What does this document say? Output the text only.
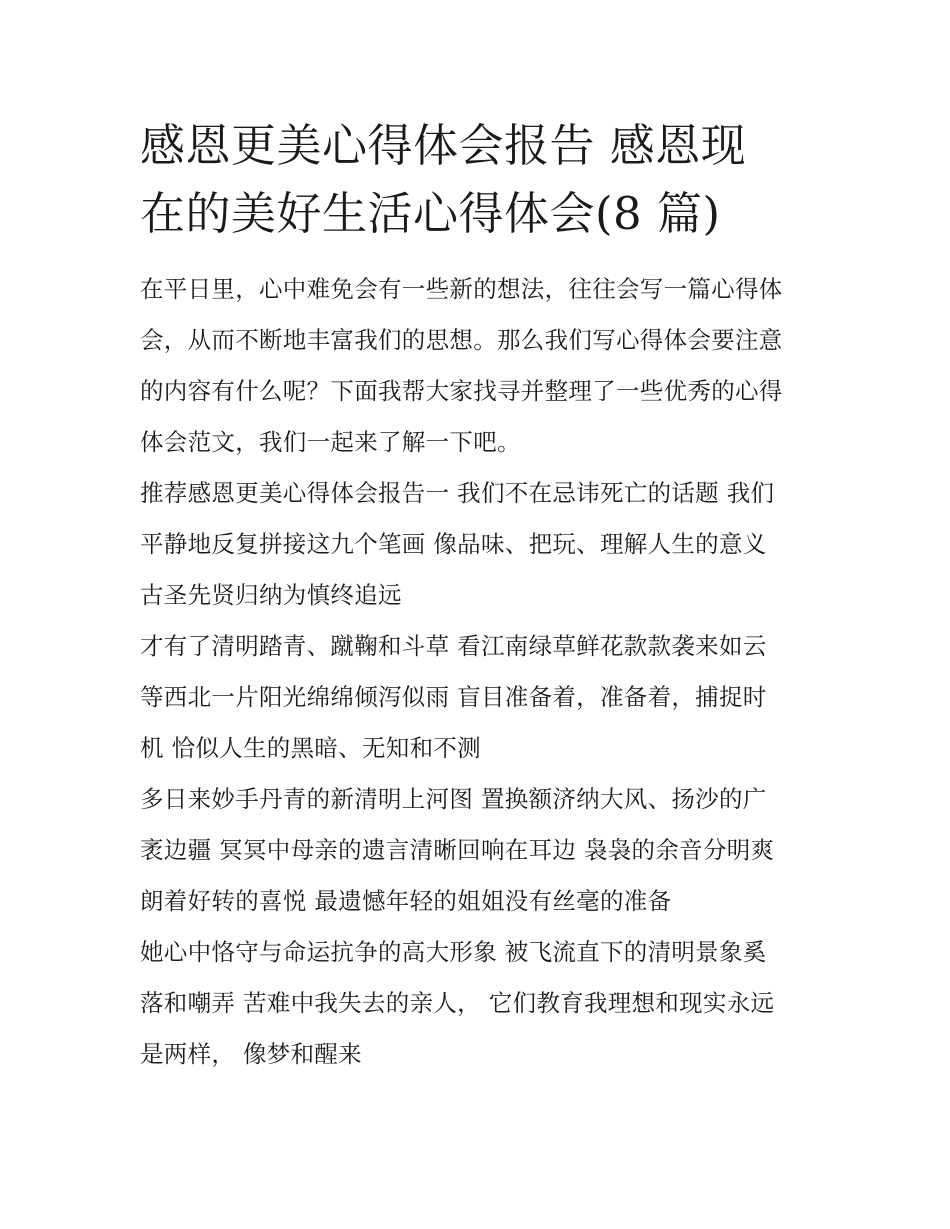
感恩更美心得体会报告 感恩现
在的美好生活心得体会(8 篇)

在平日里，心中难免会有一些新的想法，往往会写一篇心得体
会，从而不断地丰富我们的思想。那么我们写心得体会要注意
的内容有什么呢？下面我帮大家找寻并整理了一些优秀的心得
体会范文，我们一起来了解一下吧。

推荐感恩更美心得体会报告一 我们不在忌讳死亡的话题 我们
平静地反复拼接这九个笔画 像品味、把玩、理解人生的意义
古圣先贤归纳为慎终追远

才有了清明踏青、蹴鞠和斗草 看江南绿草鲜花款款袭来如云
等西北一片阳光绵绵倾泻似雨 盲目准备着，准备着，捕捉时
机 恰似人生的黑暗、无知和不测

多日来妙手丹青的新清明上河图 置换额济纳大风、扬沙的广
袤边疆 冥冥中母亲的遗言清晰回响在耳边 袅袅的余音分明爽
朗着好转的喜悦 最遗憾年轻的姐姐没有丝毫的准备

她心中恪守与命运抗争的高大形象 被飞流直下的清明景象奚
落和嘲弄 苦难中我失去的亲人， 它们教育我理想和现实永远
是两样， 像梦和醒来
